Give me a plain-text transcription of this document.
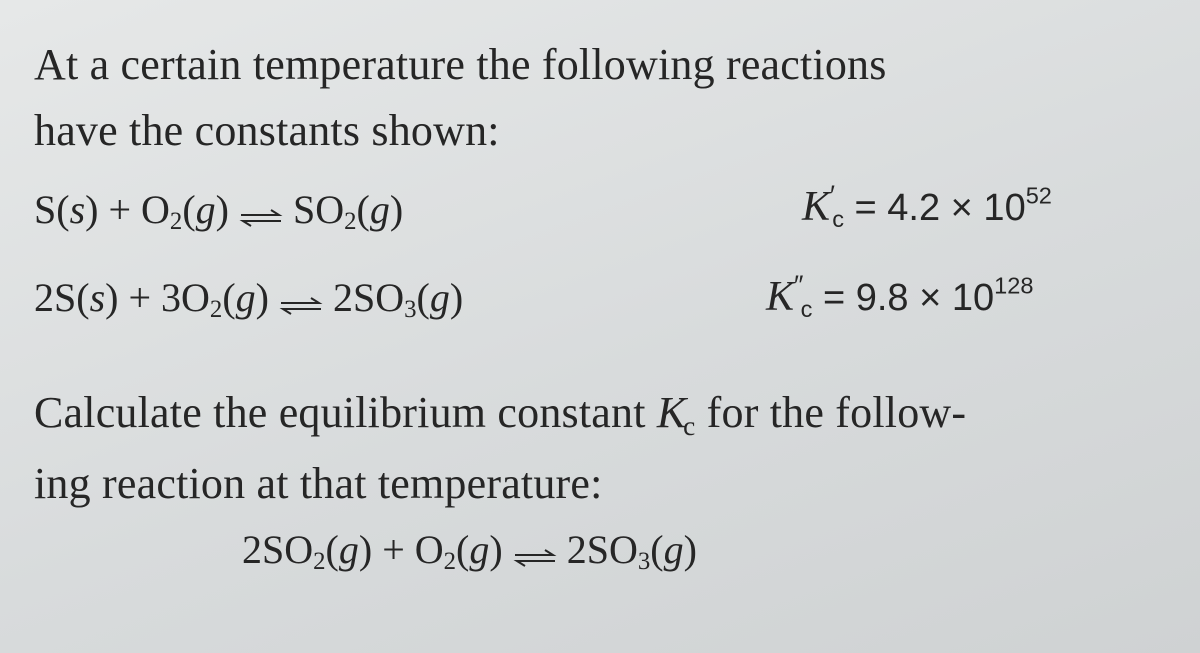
At a certain temperature the following reactions
have the constants shown:
$S(s) + O_2(g)$ ⇌ $SO_2(g)$	$K'c = 4.2 \times 10^{52}$
$2S(s) + 3O_2(g)$ ⇌ $2SO_3(g)$	$K''c = 9.8 \times 10^{128}$
Calculate the equilibrium constant Kc for the follow-
ing reaction at that temperature:
$2SO_2(g) + O_2(g)$ ⇌ $2SO_3(g)$
